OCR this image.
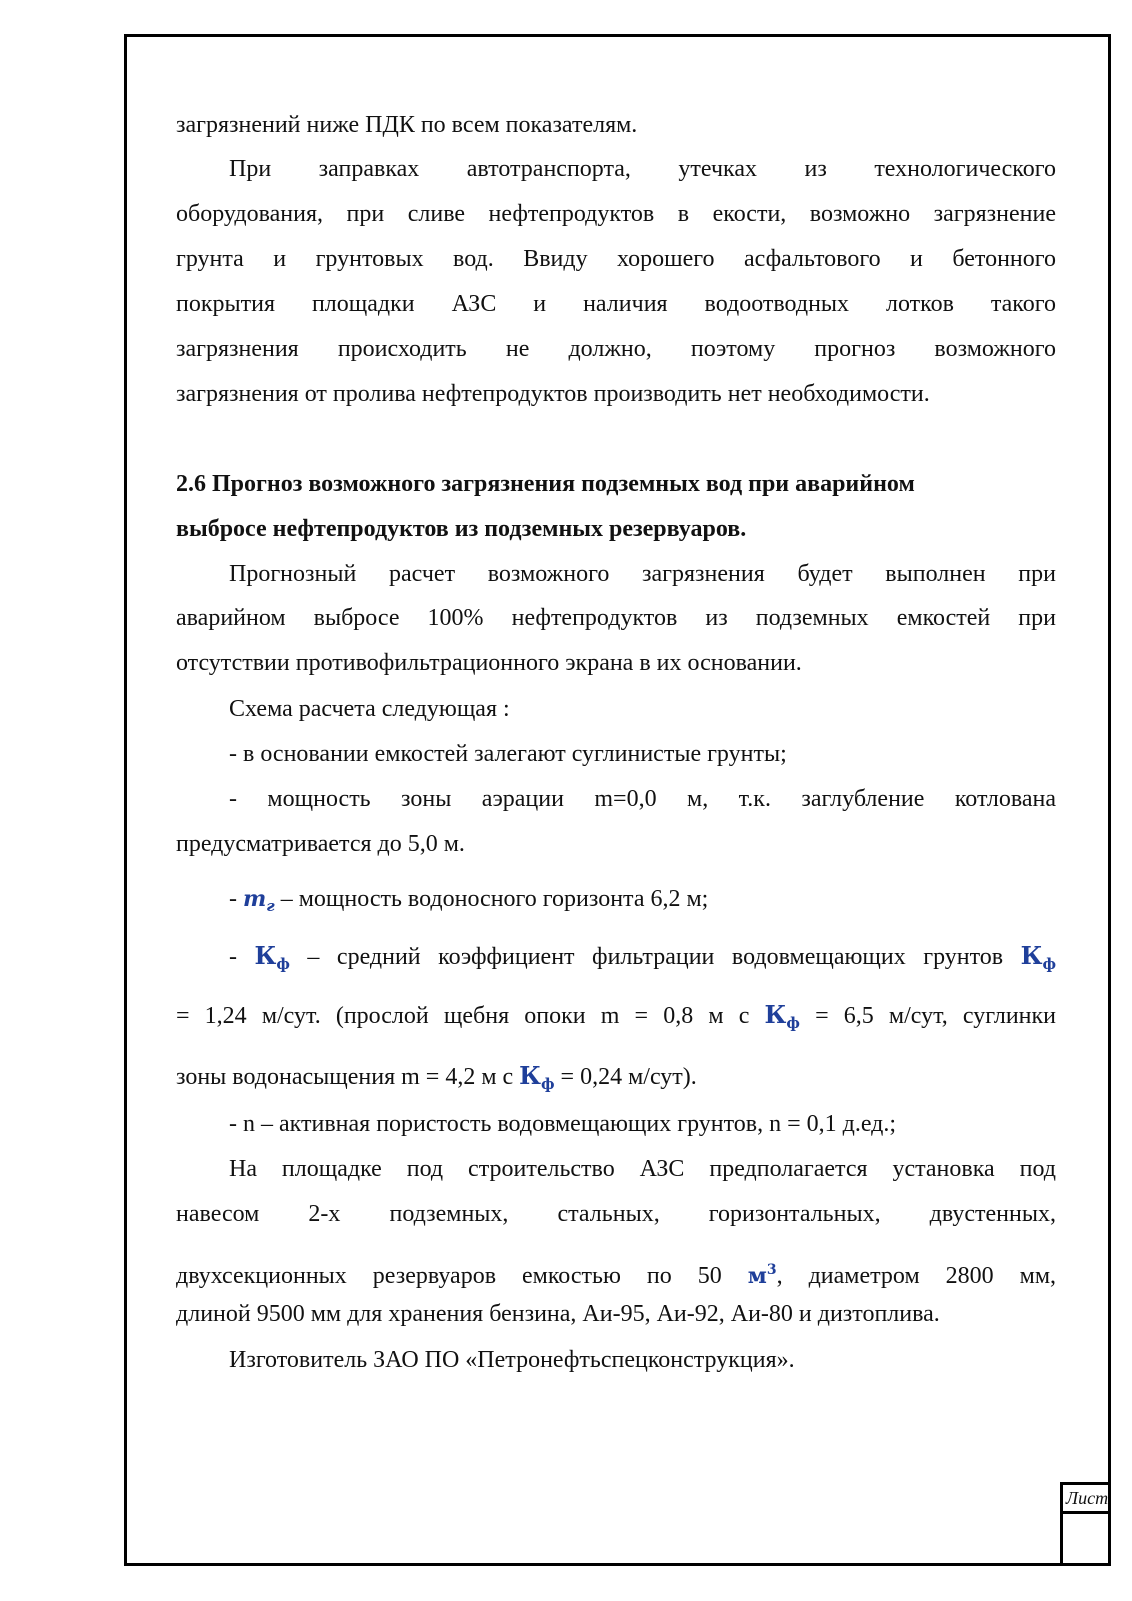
загрязнений ниже ПДК по всем показателям.
При заправках автотранспорта, утечках из технологического
оборудования, при сливе нефтепродуктов в екости, возможно загрязнение
грунта и грунтовых вод. Ввиду хорошего асфальтового и бетонного
покрытия площадки АЗС и наличия водоотводных лотков такого
загрязнения происходить не должно, поэтому прогноз возможного
загрязнения от пролива нефтепродуктов производить нет необходимости.
2.6 Прогноз возможного загрязнения подземных вод при аварийном
выбросе нефтепродуктов из подземных резервуаров.
Прогнозный расчет возможного загрязнения будет выполнен при
аварийном выбросе 100% нефтепродуктов из подземных емкостей при
отсутствии противофильтрационного экрана в их основании.
Схема расчета следующая :
- в основании емкостей залегают суглинистые грунты;
- мощность зоны аэрации m=0,0 м, т.к. заглубление котлована
предусматривается до 5,0 м.
- $m_г$ – мощность водоносного горизонта 6,2 м;
- $К_ф$ – средний коэффициент фильтрации водовмещающих грунтов $К_ф$
= 1,24 м/сут. (прослой щебня опоки m = 0,8 м с $К_ф = 6,5$ м/сут, суглинки
зоны водонасыщения m = 4,2 м с $К_ф = 0,24$ м/сут).
- n – активная пористость водовмещающих грунтов, n = 0,1 д.ед.;
На площадке под строительство АЗС предполагается установка под
навесом 2-х подземных, стальных, горизонтальных, двустенных,
двухсекционных резервуаров емкостью по 50 $м^3$, диаметром 2800 мм,
длиной 9500 мм для хранения бензина, Аи-95, Аи-92, Аи-80 и дизтоплива.
Изготовитель ЗАО ПО «Петронефтьспецконструкция».
Лист
